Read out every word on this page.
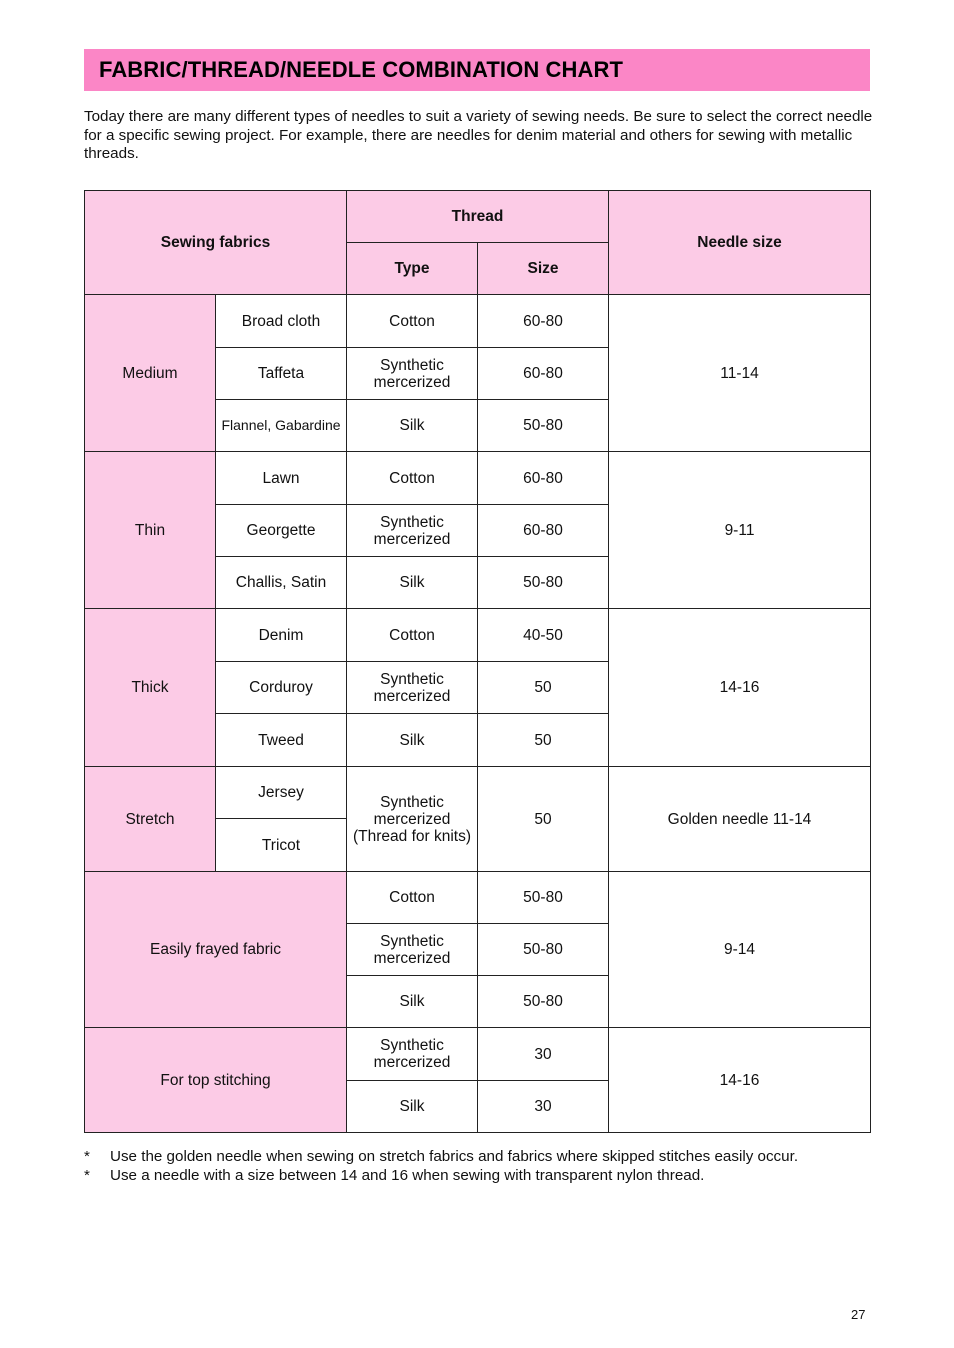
FABRIC/THREAD/NEEDLE COMBINATION CHART

Today there are many different types of needles to suit a variety of sewing needs. Be sure to select the correct needle for a specific sewing project. For example, there are needles for denim material and others for sewing with metallic threads.

Sewing fabrics		Thread		Needle size
		Type	Size	
Medium	Broad cloth	Cotton	60-80	11-14
	Taffeta	Synthetic mercerized	60-80	
	Flannel, Gabardine	Silk	50-80	
Thin	Lawn	Cotton	60-80	9-11
	Georgette	Synthetic mercerized	60-80	
	Challis, Satin	Silk	50-80	
Thick	Denim	Cotton	40-50	14-16
	Corduroy	Synthetic mercerized	50	
	Tweed	Silk	50	
Stretch	Jersey	Synthetic mercerized (Thread for knits)	50	Golden needle 11-14
	Tricot			
Easily frayed fabric		Cotton	50-80	9-14
		Synthetic mercerized	50-80	
		Silk	50-80	
For top stitching		Synthetic mercerized	30	14-16
		Silk	30	
*	Use the golden needle when sewing on stretch fabrics and fabrics where skipped stitches easily occur.
*	Use a needle with a size between 14 and 16 when sewing with transparent nylon thread.
27
